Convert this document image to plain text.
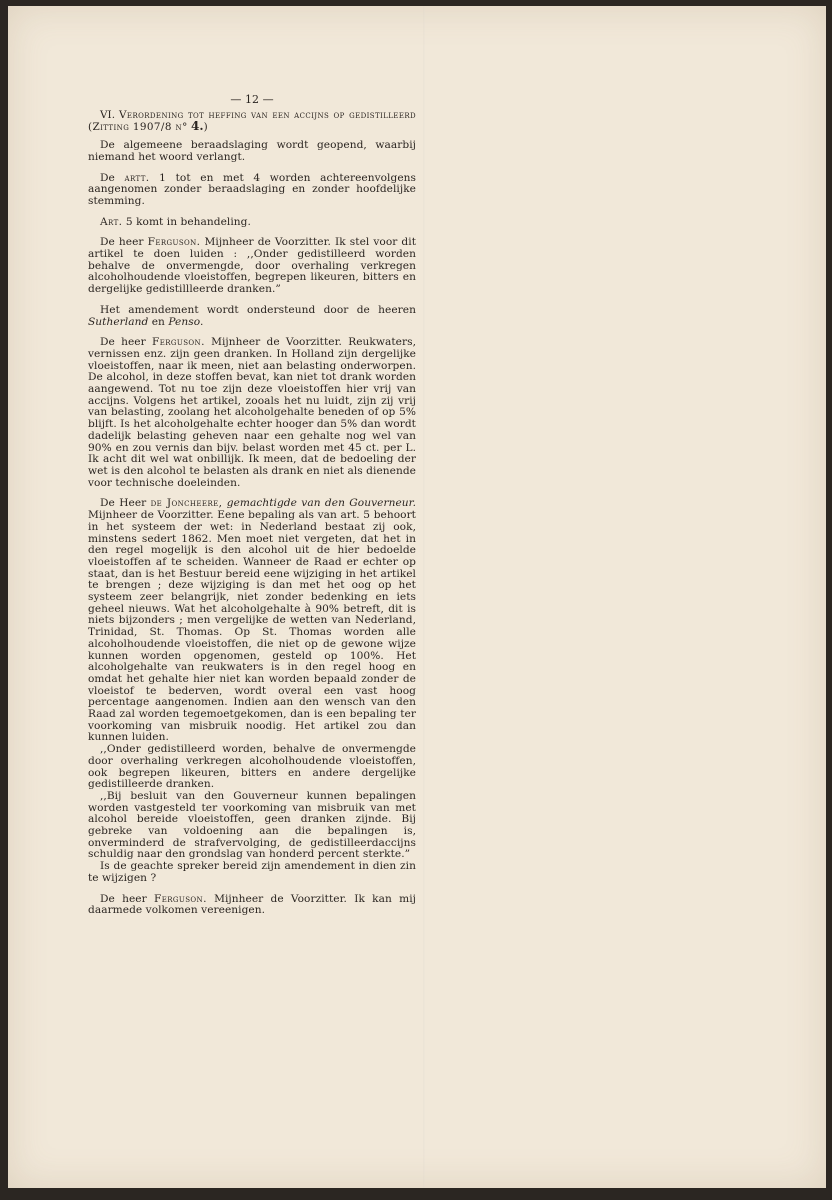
— 12 —
VI. Verordening tot heffing van een accijns op gedistilleerd (Zitting 1907/8 n° 4.)

De algemeene beraadslaging wordt geopend, waarbij niemand het woord verlangt.

De artt. 1 tot en met 4 worden achtereenvolgens aangenomen zonder beraadslaging en zonder hoofdelijke stemming.

Art. 5 komt in behandeling.

De heer Ferguson. Mijnheer de Voorzitter. Ik stel voor dit artikel te doen luiden : ,,Onder gedistilleerd worden behalve de onvermengde, door overhaling verkregen alcoholhoudende vloeistoffen, begrepen likeuren, bitters en dergelijke gedistillleerde dranken.”

Het amendement wordt ondersteund door de heeren Sutherland en Penso.

De heer Ferguson. Mijnheer de Voorzitter. Reukwaters, vernissen enz. zijn geen dranken. In Holland zijn dergelijke vloeistoffen, naar ik meen, niet aan belasting onderworpen. De alcohol, in deze stoffen bevat, kan niet tot drank worden aangewend. Tot nu toe zijn deze vloeistoffen hier vrij van accijns. Volgens het artikel, zooals het nu luidt, zijn zij vrij van belasting, zoolang het alcoholgehalte beneden of op 5% blijft. Is het alcoholgehalte echter hooger dan 5% dan wordt dadelijk belasting geheven naar een gehalte nog wel van 90% en zou vernis dan bijv. belast worden met 45 ct. per L. Ik acht dit wel wat onbillijk. Ik meen, dat de bedoeling der wet is den alcohol te belasten als drank en niet als dienende voor technische doeleinden.

De Heer de Joncheere, gemachtigde van den Gouverneur. Mijnheer de Voorzitter. Eene bepaling als van art. 5 behoort in het systeem der wet: in Nederland bestaat zij ook, minstens sedert 1862. Men moet niet vergeten, dat het in den regel mogelijk is den alcohol uit de hier bedoelde vloeistoffen af te scheiden. Wanneer de Raad er echter op staat, dan is het Bestuur bereid eene wijziging in het artikel te brengen ; deze wijziging is dan met het oog op het systeem zeer belangrijk, niet zonder bedenking en iets geheel nieuws. Wat het alcoholgehalte à 90% betreft, dit is niets bijzonders ; men vergelijke de wetten van Nederland, Trinidad, St. Thomas. Op St. Thomas worden alle alcoholhoudende vloeistoffen, die niet op de gewone wijze kunnen worden opgenomen, gesteld op 100%. Het alcoholgehalte van reukwaters is in den regel hoog en omdat het gehalte hier niet kan worden bepaald zonder de vloeistof te bederven, wordt overal een vast hoog percentage aangenomen. Indien aan den wensch van den Raad zal worden tegemoetgekomen, dan is een bepaling ter voorkoming van misbruik noodig. Het artikel zou dan kunnen luiden.

,,Onder gedistilleerd worden, behalve de onvermengde door overhaling verkregen alcoholhoudende vloeistoffen, ook begrepen likeuren, bitters en andere dergelijke gedistilleerde dranken.

,,Bij besluit van den Gouverneur kunnen bepalingen worden vastgesteld ter voorkoming van misbruik van met alcohol bereide vloeistoffen, geen dranken zijnde. Bij gebreke van voldoening aan die bepalingen is, onverminderd de strafvervolging, de gedistilleerdaccijns schuldig naar den grondslag van honderd percent sterkte.”

Is de geachte spreker bereid zijn amendement in dien zin te wijzigen ?

De heer Ferguson. Mijnheer de Voorzitter. Ik kan mij daarmede volkomen vereenigen.
